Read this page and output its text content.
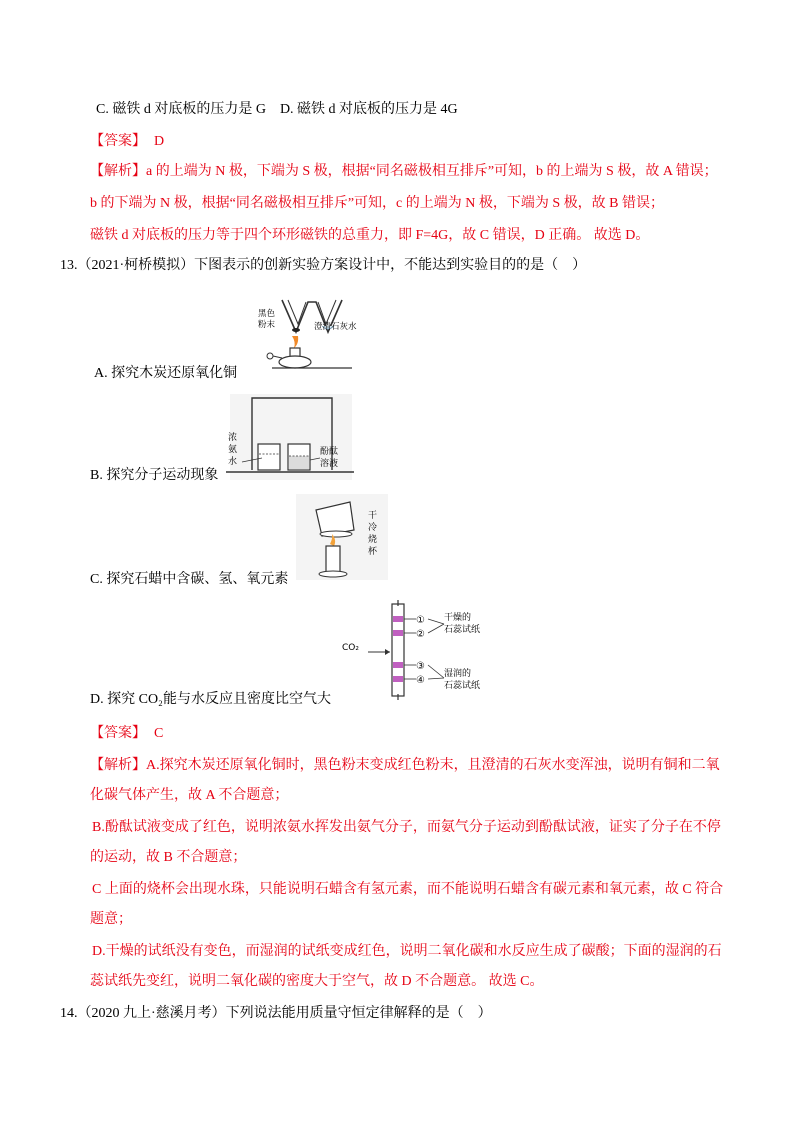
C. 磁铁 d 对底板的压力是 G　D. 磁铁 d 对底板的压力是 4G
【答案】 D
【解析】a 的上端为 N 极，下端为 S 极，根据“同名磁极相互排斥”可知，b 的上端为 S 极，故 A 错误；
b 的下端为 N 极，根据“同名磁极相互排斥”可知，c 的上端为 N 极，下端为 S 极，故 B 错误；
磁铁 d 对底板的压力等于四个环形磁铁的总重力，即 F=4G，故 C 错误，D 正确。 故选 D。
13.（2021·柯桥模拟）下图表示的创新实验方案设计中，不能达到实验目的的是（　）
黑色
粉末	澄清石灰水
A. 探究木炭还原氧化铜
浓
氨
水
酚酞
溶液
B. 探究分子运动现象
干
冷
烧
杯
C. 探究石蜡中含碳、氢、氧元素
CO₂
①
②
③
④
干燥的
石蕊试纸
湿润的
石蕊试纸
D. 探究 CO₂能与水反应且密度比空气大
【答案】 C
【解析】A.探究木炭还原氧化铜时，黑色粉末变成红色粉末，且澄清的石灰水变浑浊，说明有铜和二氧
化碳气体产生，故 A 不合题意；
B.酚酞试液变成了红色，说明浓氨水挥发出氨气分子，而氨气分子运动到酚酞试液，证实了分子在不停
的运动，故 B 不合题意；
C 上面的烧杯会出现水珠，只能说明石蜡含有氢元素，而不能说明石蜡含有碳元素和氧元素，故 C 符合
题意；
D.干燥的试纸没有变色，而湿润的试纸变成红色，说明二氧化碳和水反应生成了碳酸；下面的湿润的石
蕊试纸先变红，说明二氧化碳的密度大于空气，故 D 不合题意。 故选 C。
14.（2020 九上·慈溪月考）下列说法能用质量守恒定律解释的是（　）
